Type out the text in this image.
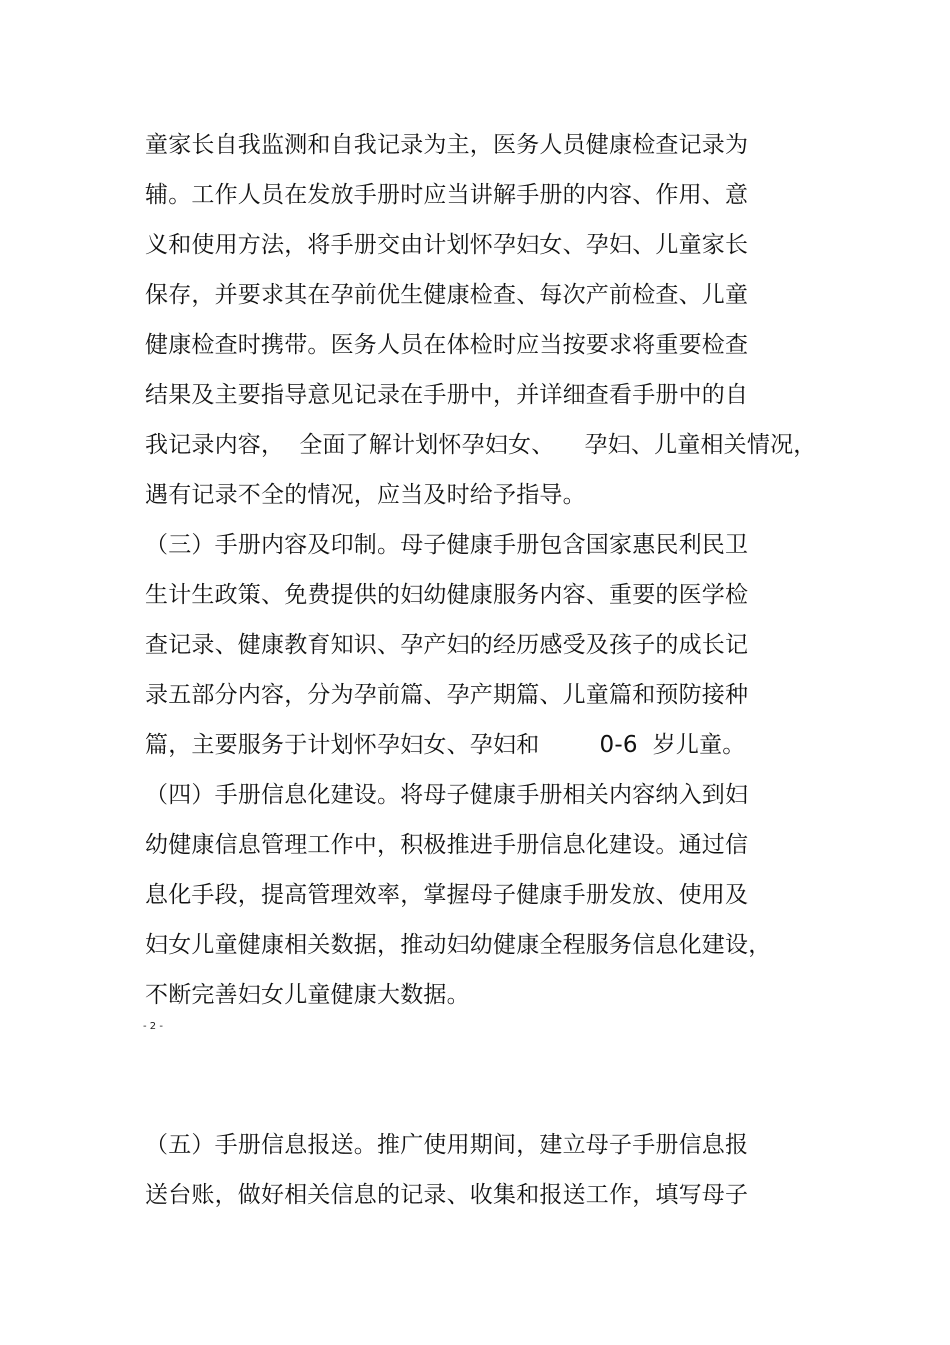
童家长自我监测和自我记录为主，医务人员健康检查记录为

辅。工作人员在发放手册时应当讲解手册的内容、作用、意

义和使用方法，将手册交由计划怀孕妇女、孕妇、儿童家长

保存，并要求其在孕前优生健康检查、每次产前检查、儿童

健康检查时携带。医务人员在体检时应当按要求将重要检查

结果及主要指导意见记录在手册中，并详细查看手册中的自

我记录内容，  全面了解计划怀孕妇女、    孕妇、儿童相关情况，

遇有记录不全的情况，应当及时给予指导。

（三）手册内容及印制。母子健康手册包含国家惠民利民卫

生计生政策、免费提供的妇幼健康服务内容、重要的医学检

查记录、健康教育知识、孕产妇的经历感受及孩子的成长记

录五部分内容，分为孕前篇、孕产期篇、儿童篇和预防接种

篇，主要服务于计划怀孕妇女、孕妇和        0-6  岁儿童。

（四）手册信息化建设。将母子健康手册相关内容纳入到妇

幼健康信息管理工作中，积极推进手册信息化建设。通过信

息化手段，提高管理效率，掌握母子健康手册发放、使用及

妇女儿童健康相关数据，推动妇幼健康全程服务信息化建设，

不断完善妇女儿童健康大数据。

- 2 -

（五）手册信息报送。推广使用期间，建立母子手册信息报

送台账，做好相关信息的记录、收集和报送工作，填写母子
